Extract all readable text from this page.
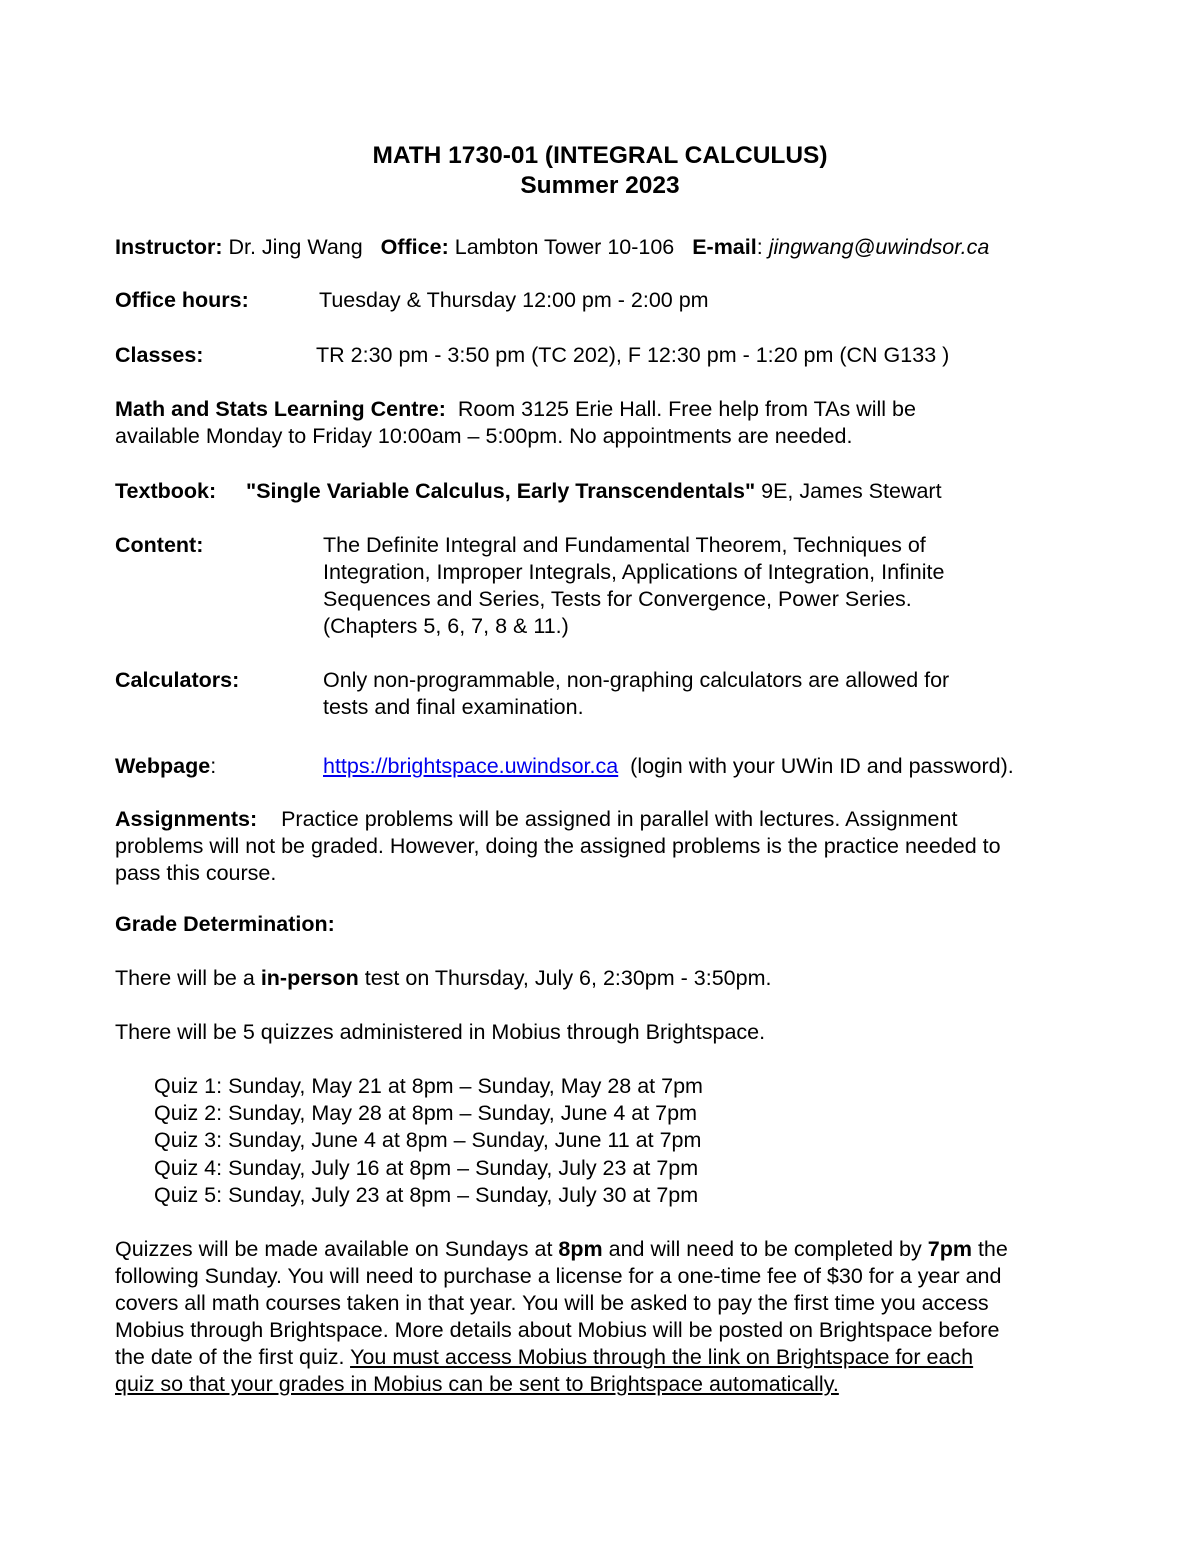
MATH 1730-01 (INTEGRAL CALCULUS)
Summer 2023
Instructor: Dr. Jing Wang Office: Lambton Tower 10-106 E-mail: jingwang@uwindsor.ca
Office hours:	Tuesday & Thursday 12:00 pm - 2:00 pm
Classes:	TR 2:30 pm - 3:50 pm (TC 202), F 12:30 pm - 1:20 pm (CN G133 )
Math and Stats Learning Centre: Room 3125 Erie Hall. Free help from TAs will be
available Monday to Friday 10:00am – 5:00pm. No appointments are needed.
Textbook: "Single Variable Calculus, Early Transcendentals" 9E, James Stewart
Content:	The Definite Integral and Fundamental Theorem, Techniques of
Integration, Improper Integrals, Applications of Integration, Infinite
Sequences and Series, Tests for Convergence, Power Series.
(Chapters 5, 6, 7, 8 & 11.)
Calculators:	Only non-programmable, non-graphing calculators are allowed for
tests and final examination.
Webpage:	https://brightspace.uwindsor.ca (login with your UWin ID and password).
Assignments: Practice problems will be assigned in parallel with lectures. Assignment
problems will not be graded. However, doing the assigned problems is the practice needed to
pass this course.
Grade Determination:
There will be a in-person test on Thursday, July 6, 2:30pm - 3:50pm.
There will be 5 quizzes administered in Mobius through Brightspace.
Quiz 1: Sunday, May 21 at 8pm – Sunday, May 28 at 7pm
Quiz 2: Sunday, May 28 at 8pm – Sunday, June 4 at 7pm
Quiz 3: Sunday, June 4 at 8pm – Sunday, June 11 at 7pm
Quiz 4: Sunday, July 16 at 8pm – Sunday, July 23 at 7pm
Quiz 5: Sunday, July 23 at 8pm – Sunday, July 30 at 7pm
Quizzes will be made available on Sundays at 8pm and will need to be completed by 7pm the
following Sunday. You will need to purchase a license for a one-time fee of $30 for a year and
covers all math courses taken in that year. You will be asked to pay the first time you access
Mobius through Brightspace. More details about Mobius will be posted on Brightspace before
the date of the first quiz. You must access Mobius through the link on Brightspace for each
quiz so that your grades in Mobius can be sent to Brightspace automatically.
